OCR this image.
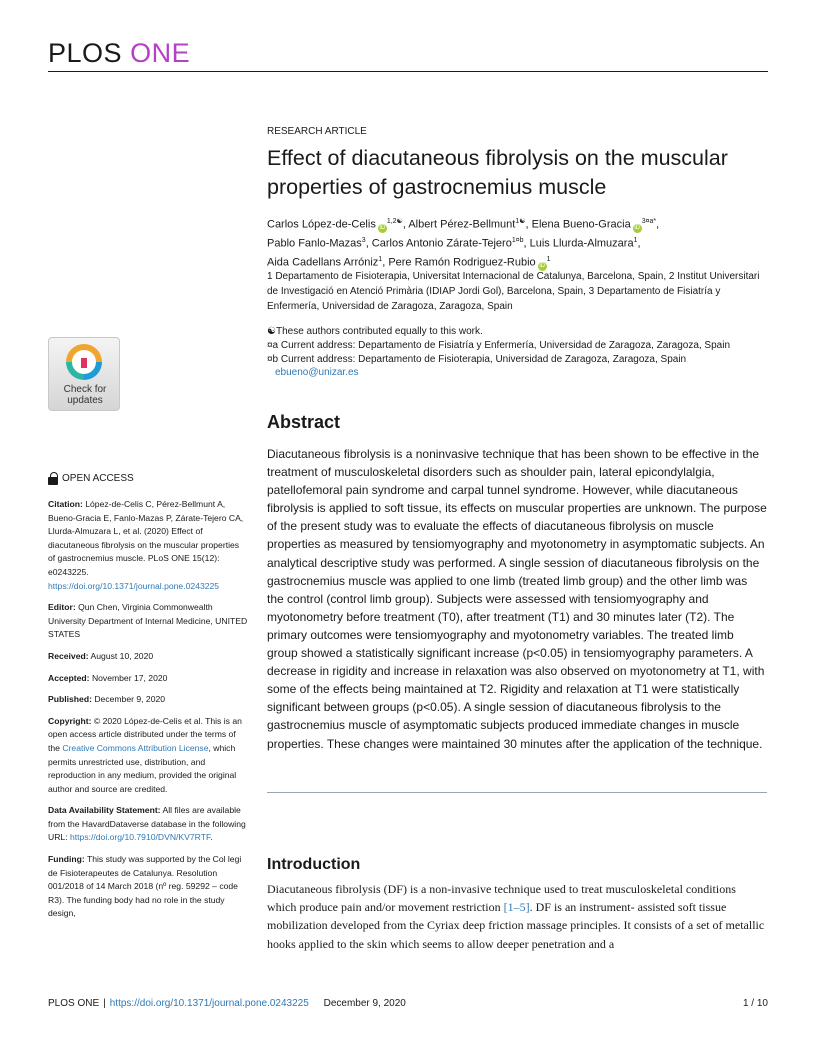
PLOS ONE
RESEARCH ARTICLE
Effect of diacutaneous fibrolysis on the muscular properties of gastrocnemius muscle
Carlos López-de-Celis $iD^{1,2☯}$, Albert Pérez-Bellmunt$^{1☯}$, Elena Bueno-Gracia $iD^{3¤a*}$,
Pablo Fanlo-Mazas$^3$, Carlos Antonio Zárate-Tejero$^{1¤b}$, Luis Llurda-Almuzara$^1$,
Aida Cadellans Arróniz$^1$, Pere Ramón Rodriguez-Rubio $iD^1$
1 Departamento de Fisioterapia, Universitat Internacional de Catalunya, Barcelona, Spain, 2 Institut Universitari de Investigació en Atenció Primària (IDIAP Jordi Gol), Barcelona, Spain, 3 Departamento de Fisiatría y Enfermería, Universidad de Zaragoza, Zaragoza, Spain
☯These authors contributed equally to this work.
¤a Current address: Departamento de Fisiatría y Enfermería, Universidad de Zaragoza, Zaragoza, Spain
¤b Current address: Departamento de Fisioterapia, Universidad de Zaragoza, Zaragoza, Spain
ebueno@unizar.es
Check for
updates
OPEN ACCESS

Citation: López-de-Celis C, Pérez-Bellmunt A, Bueno-Gracia E, Fanlo-Mazas P, Zárate-Tejero CA, Llurda-Almuzara L, et al. (2020) Effect of diacutaneous fibrolysis on the muscular properties of gastrocnemius muscle. PLoS ONE 15(12): e0243225. https://doi.org/10.1371/journal.pone.0243225

Editor: Qun Chen, Virginia Commonwealth University Department of Internal Medicine, UNITED STATES

Received: August 10, 2020

Accepted: November 17, 2020

Published: December 9, 2020

Copyright: © 2020 López-de-Celis et al. This is an open access article distributed under the terms of the Creative Commons Attribution License, which permits unrestricted use, distribution, and reproduction in any medium, provided the original author and source are credited.

Data Availability Statement: All files are available from the HavardDataverse database in the following URL: https://doi.org/10.7910/DVN/KV7RTF.

Funding: This study was supported by the Col legi de Fisioterapeutes de Catalunya. Resolution 001/2018 of 14 March 2018 (nº reg. 59292 – code R3). The funding body had no role in the study design,

Abstract
Diacutaneous fibrolysis is a noninvasive technique that has been shown to be effective in the treatment of musculoskeletal disorders such as shoulder pain, lateral epicondylalgia, patellofemoral pain syndrome and carpal tunnel syndrome. However, while diacutaneous fibrolysis is applied to soft tissue, its effects on muscular properties are unknown. The purpose of the present study was to evaluate the effects of diacutaneous fibrolysis on muscle properties as measured by tensiomyography and myotonometry in asymptomatic subjects. An analytical descriptive study was performed. A single session of diacutaneous fibrolysis on the gastrocnemius muscle was applied to one limb (treated limb group) and the other limb was the control (control limb group). Subjects were assessed with tensiomyography and myotonometry before treatment (T0), after treatment (T1) and 30 minutes later (T2). The primary outcomes were tensiomyography and myotonometry variables. The treated limb group showed a statistically significant increase (p<0.05) in tensiomyography parameters. A decrease in rigidity and increase in relaxation was also observed on myotonometry at T1, with some of the effects being maintained at T2. Rigidity and relaxation at T1 were statistically significant between groups (p<0.05). A single session of diacutaneous fibrolysis to the gastrocnemius muscle of asymptomatic subjects produced immediate changes in muscle properties. These changes were maintained 30 minutes after the application of the technique.
Introduction
Diacutaneous fibrolysis (DF) is a non-invasive technique used to treat musculoskeletal conditions which produce pain and/or movement restriction [1–5]. DF is an instrument- assisted soft tissue mobilization developed from the Cyriax deep friction massage principles. It consists of a set of metallic hooks applied to the skin which seems to allow deeper penetration and a
PLOS ONE | https://doi.org/10.1371/journal.pone.0243225 December 9, 2020	1 / 10
